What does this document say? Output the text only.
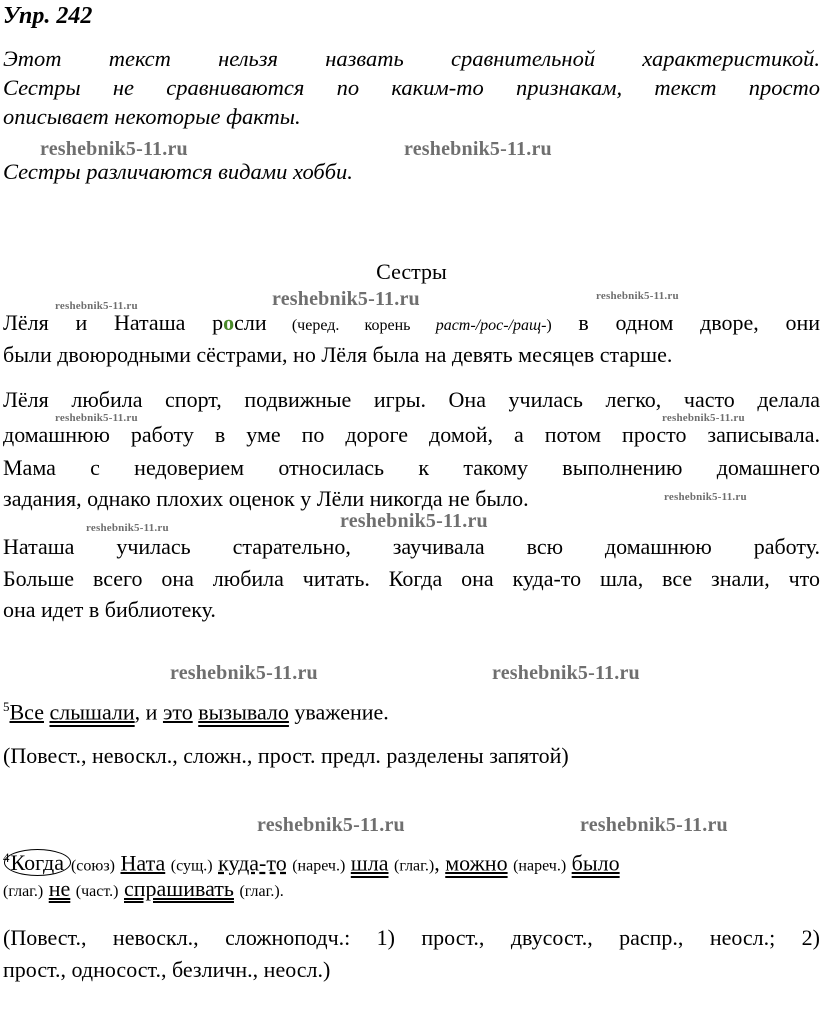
Упр. 242
Этот текст нельзя назвать сравнительной характеристикой.
Сестры не сравниваются по каким-то признакам, текст просто
описывает некоторые факты.
Сестры различаются видами хобби.
Сестры
Лёля и Наташа росли (черед. корень раст-/рос-/ращ-) в одном дворе, они
были двоюродными сёстрами, но Лёля была на девять месяцев старше.
Лёля любила спорт, подвижные игры. Она училась легко, часто делала
домашнюю работу в уме по дороге домой, а потом просто записывала.
Мама с недоверием относилась к такому выполнению домашнего
задания, однако плохих оценок у Лёли никогда не было.
Наташа училась старательно, заучивала всю домашнюю работу.
Больше всего она любила читать. Когда она куда-то шла, все знали, что
она идет в библиотеку.
$^5$Все слышали, и это вызывало уважение.
(Повест., невоскл., сложн., прост. предл. разделены запятой)
$^4$Когда (союз) Ната (сущ.) куда-то (нареч.) шла (глаг.), можно (нареч.) было
(глаг.) не (част.) спрашивать (глаг.).
(Повест., невоскл., сложноподч.: 1) прост., двусост., распр., неосл.; 2)
прост., односост., безличн., неосл.)
reshebnik5-11.ru	reshebnik5-11.ru
reshebnik5-11.ru	reshebnik5-11.ru	reshebnik5-11.ru
reshebnik5-11.ru	reshebnik5-11.ru
reshebnik5-11.ru
reshebnik5-11.ru	reshebnik5-11.ru
reshebnik5-11.ru	reshebnik5-11.ru
reshebnik5-11.ru	reshebnik5-11.ru
